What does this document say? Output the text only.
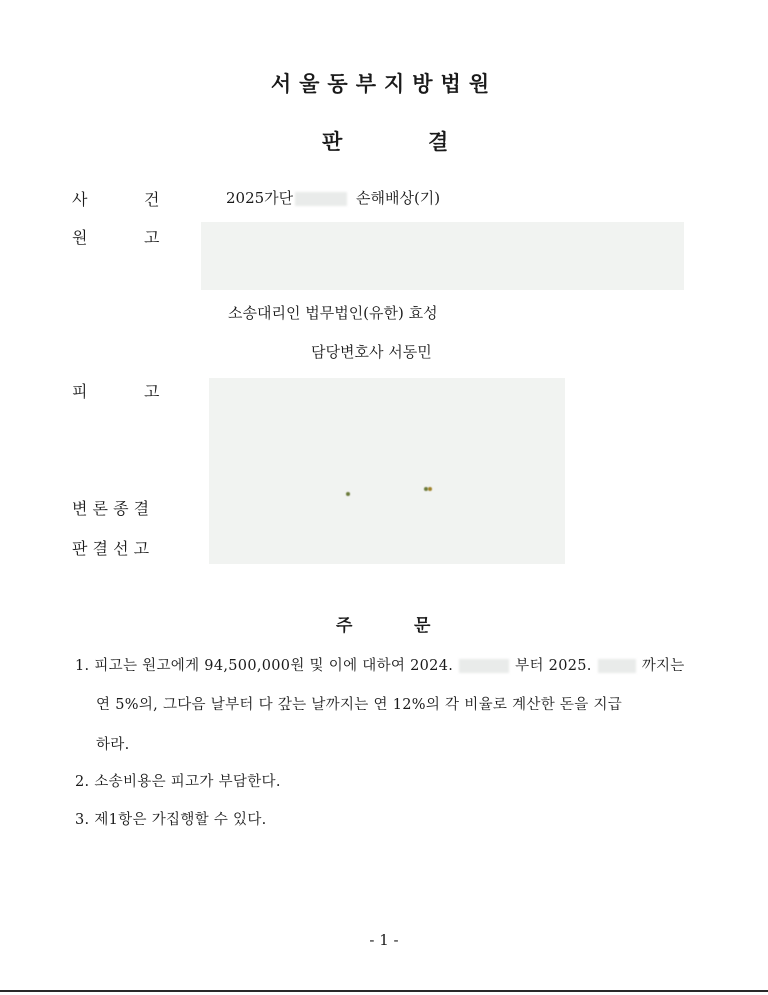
서울동부지방법원
판	결
사	건	2025가단	손해배상(기)
원	고
소송대리인 법무법인(유한) 효성
담당변호사 서동민
피	고
변 론 종 결
판 결 선 고
주	문
1. 피고는 원고에게 94,500,000원 및 이에 대하여 2024.	부터 2025.	까지는
연 5%의, 그다음 날부터 다 갚는 날까지는 연 12%의 각 비율로 계산한 돈을 지급
하라.
2. 소송비용은 피고가 부담한다.
3. 제1항은 가집행할 수 있다.
- 1 -
